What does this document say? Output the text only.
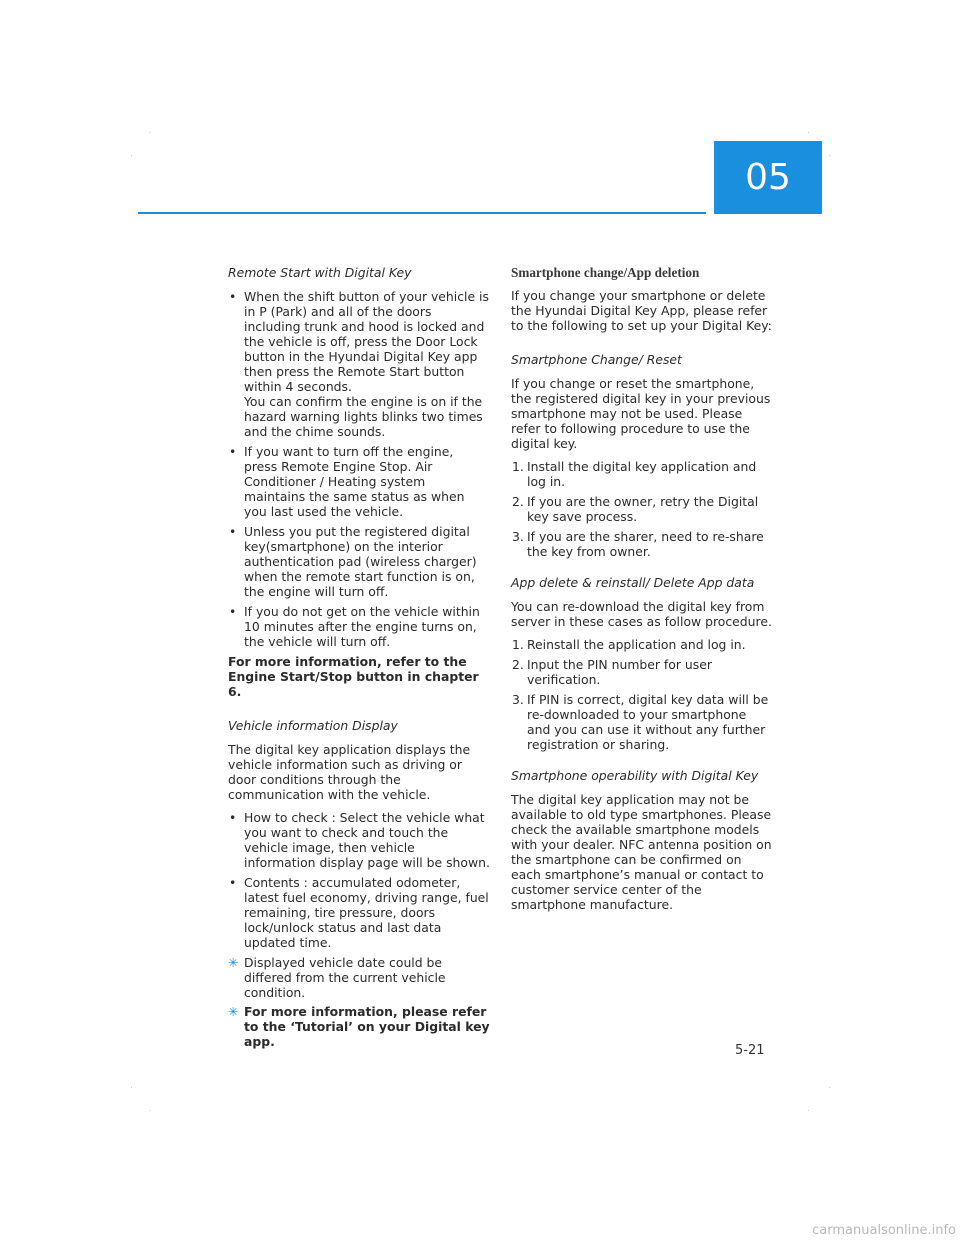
05
Remote Start with Digital Key
• When the shift button of your vehicle is in P (Park) and all of the doors including trunk and hood is locked and the vehicle is off, press the Door Lock button in the Hyundai Digital Key app then press the Remote Start button within 4 seconds.
You can confirm the engine is on if the hazard warning lights blinks two times and the chime sounds.
• If you want to turn off the engine, press Remote Engine Stop. Air Conditioner / Heating system maintains the same status as when you last used the vehicle.
• Unless you put the registered digital key(smartphone) on the interior authentication pad (wireless charger) when the remote start function is on, the engine will turn off.
• If you do not get on the vehicle within 10 minutes after the engine turns on, the vehicle will turn off.

For more information, refer to the Engine Start/Stop button in chapter 6.

Vehicle information Display

The digital key application displays the vehicle information such as driving or door conditions through the communication with the vehicle.

• How to check : Select the vehicle what you want to check and touch the vehicle image, then vehicle information display page will be shown.
• Contents : accumulated odometer, latest fuel economy, driving range, fuel remaining, tire pressure, doors lock/unlock status and last data updated time.
✳ Displayed vehicle date could be differed from the current vehicle condition.
✳ For more information, please refer to the ‘Tutorial’ on your Digital key app.
Smartphone change/App deletion

If you change your smartphone or delete the Hyundai Digital Key App, please refer to the following to set up your Digital Key:

Smartphone Change/ Reset

If you change or reset the smartphone, the registered digital key in your previous smartphone may not be used. Please refer to following procedure to use the digital key.

1. Install the digital key application and log in.
2. If you are the owner, retry the Digital key save process.
3. If you are the sharer, need to re-share the key from owner.
App delete & reinstall/ Delete App data

You can re-download the digital key from server in these cases as follow procedure.

1. Reinstall the application and log in.
2. Input the PIN number for user verification.
3. If PIN is correct, digital key data will be re-downloaded to your smartphone and you can use it without any further registration or sharing.
Smartphone operability with Digital Key

The digital key application may not be available to old type smartphones. Please check the available smartphone models with your dealer. NFC antenna position on the smartphone can be confirmed on each smartphone’s manual or contact to customer service center of the smartphone manufacture.

5-21
carmanualsonline.info
